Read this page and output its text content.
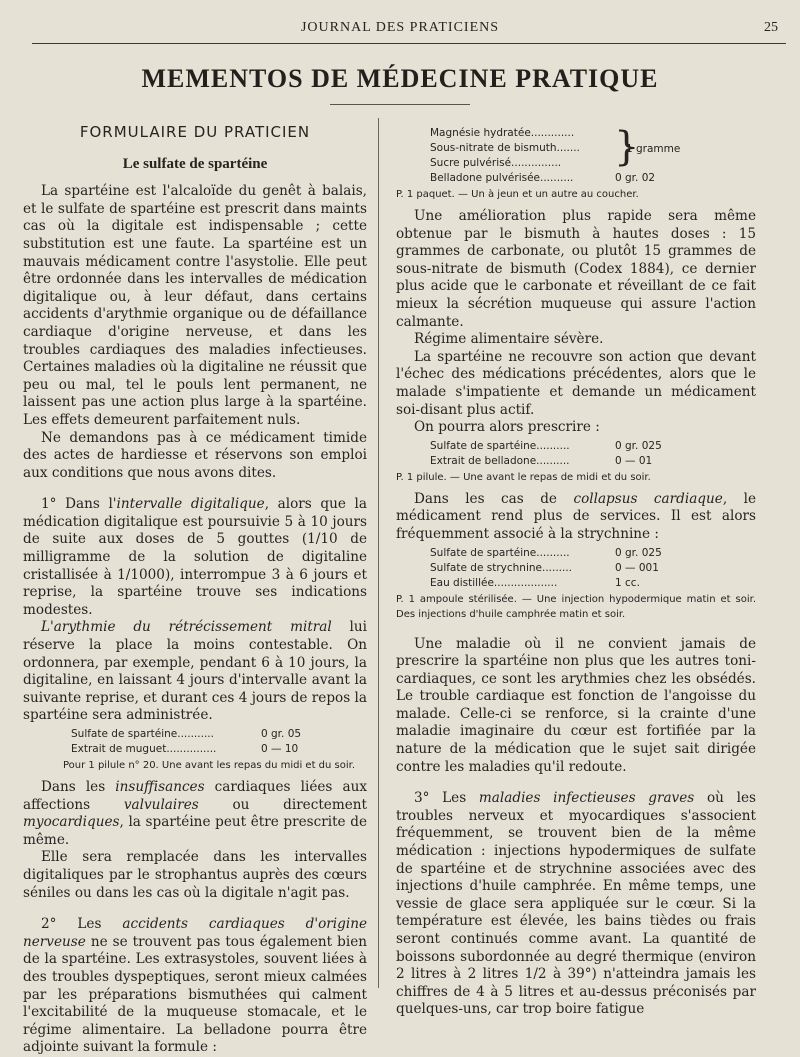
JOURNAL DES PRATICIENS	25
MEMENTOS DE MÉDECINE PRATIQUE
FORMULAIRE DU PRATICIEN
Le sulfate de spartéine

La spartéine est l'alcaloïde du genêt à balais, et le sulfate de spartéine est prescrit dans maints cas où la digitale est indispensable ; cette substitution est une faute. La spartéine est un mauvais médicament contre l'asystolie. Elle peut être ordonnée dans les intervalles de médication digitalique ou, à leur défaut, dans certains accidents d'arythmie organique ou de défaillance cardiaque d'origine nerveuse, et dans les troubles cardiaques des maladies infectieuses. Certaines maladies où la digitaline ne réussit que peu ou mal, tel le pouls lent permanent, ne laissent pas une action plus large à la spartéine. Les effets demeurent parfaitement nuls.

Ne demandons pas à ce médicament timide des actes de hardiesse et réservons son emploi aux conditions que nous avons dites.

1° Dans l'intervalle digitalique, alors que la médication digitalique est poursuivie 5 à 10 jours de suite aux doses de 5 gouttes (1/10 de milligramme de la solution de digitaline cristallisée à 1/1000), interrompue 3 à 6 jours et reprise, la spartéine trouve ses indications modestes.

L'arythmie du rétrécissement mitral lui réserve la place la moins contestable. On ordonnera, par exemple, pendant 6 à 10 jours, la digitaline, en laissant 4 jours d'intervalle avant la suivante reprise, et durant ces 4 jours de repos la spartéine sera administrée.

Sulfate de spartéine...........	0 gr. 05
Extrait de muguet...............	0 — 10
Pour 1 pilule n° 20. Une avant les repas du midi et du soir.

Dans les insuffisances cardiaques liées aux affections valvulaires ou directement myocardiques, la spartéine peut être prescrite de même.

Elle sera remplacée dans les intervalles digitaliques par le strophantus auprès des cœurs séniles ou dans les cas où la digitale n'agit pas.

2° Les accidents cardiaques d'origine nerveuse ne se trouvent pas tous également bien de la spartéine. Les extrasystoles, souvent liées à des troubles dyspeptiques, seront mieux calmées par les préparations bismuthées qui calment l'excitabilité de la muqueuse stomacale, et le régime alimentaire. La belladone pourra être adjointe suivant la formule :

Magnésie hydratée.............
Sous-nitrate de bismuth.......
Sucre pulvérisé...............	}
1 gramme
Belladone pulvérisée..........	0 gr. 02
P. 1 paquet. — Un à jeun et un autre au coucher.

Une amélioration plus rapide sera même obtenue par le bismuth à hautes doses : 15 grammes de carbonate, ou plutôt 15 grammes de sous-nitrate de bismuth (Codex 1884), ce dernier plus acide que le carbonate et réveillant de ce fait mieux la sécrétion muqueuse qui assure l'action calmante.

Régime alimentaire sévère.

La spartéine ne recouvre son action que devant l'échec des médications précédentes, alors que le malade s'impatiente et demande un médicament soi-disant plus actif.

On pourra alors prescrire :

Sulfate de spartéine..........	0 gr. 025
Extrait de belladone..........	0 — 01
P. 1 pilule. — Une avant le repas de midi et du soir.

Dans les cas de collapsus cardiaque, le médicament rend plus de services. Il est alors fréquemment associé à la strychnine :

Sulfate de spartéine..........	0 gr. 025
Sulfate de strychnine.........	0 — 001
Eau distillée...................	1 cc.
P. 1 ampoule stérilisée. — Une injection hypodermique matin et soir. Des injections d'huile camphrée matin et soir.

Une maladie où il ne convient jamais de prescrire la spartéine non plus que les autres toni-cardiaques, ce sont les arythmies chez les obsédés. Le trouble cardiaque est fonction de l'angoisse du malade. Celle-ci se renforce, si la crainte d'une maladie imaginaire du cœur est fortifiée par la nature de la médication que le sujet sait dirigée contre les maladies qu'il redoute.

3° Les maladies infectieuses graves où les troubles nerveux et myocardiques s'associent fréquemment, se trouvent bien de la même médication : injections hypodermiques de sulfate de spartéine et de strychnine associées avec des injections d'huile camphrée. En même temps, une vessie de glace sera appliquée sur le cœur. Si la température est élevée, les bains tièdes ou frais seront continués comme avant. La quantité de boissons subordonnée au degré thermique (environ 2 litres à 2 litres 1/2 à 39°) n'atteindra jamais les chiffres de 4 à 5 litres et au-dessus préconisés par quelques-uns, car trop boire fatigue
